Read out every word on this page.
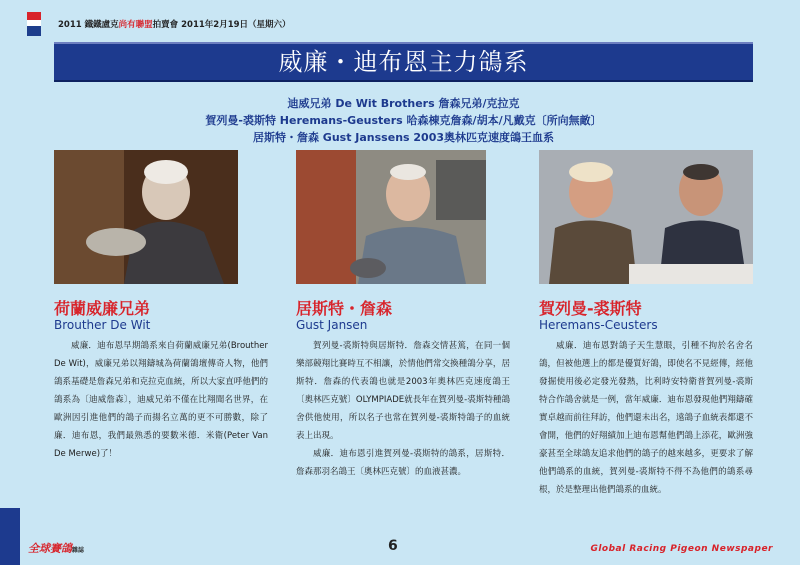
2011 鐵鐵盧克尚有聯盟拍賣會 2011年2月19日（星期六）
威廉・迪布恩主力鴿系
迪威兄弟 De Wit Brothers 詹森兄弟/克拉克
賀列曼-裘斯特 Heremans-Geusters 哈森棟克詹森/胡本/凡戴克〔所向無敵〕
居斯特・詹森 Gust Janssens 2003奧林匹克速度鴿王血系
荷蘭威廉兄弟
Brouther De Wit

威廉．迪布恩早期鴿系來自荷蘭威廉兄弟(Brouther De Wit)，威廉兄弟以翔鑄城為荷蘭鴿壇傳奇人物，他們鴿系基礎是詹森兄弟和克拉克血統，所以大家直呼他們的鴿系為〔迪威詹森〕，迪威兄弟不僅在比翔聞名世界，在歐洲因引進他們的鴿子而揚名立萬的更不可勝數，除了廉．迪布恩，我們最熟悉的要數米德．米衛(Peter Van De Merwe)了！

居斯特・詹森
Gust Jansen

賀列曼-裘斯特與居斯特．詹森交情甚篤，在同一個樂部競翔比賽時互不相讓，於情他們常交換種鴿分享，居斯特．詹森的代表鴿也就是2003年奧林匹克速度鴿王〔奧林匹克號〕OLYMPIADE就長年在賀列曼-裘斯特種鴿舍供他使用，所以名子也常在賀列曼-裘斯特鴿子的血統表上出現。

威廉．迪布恩引進賀列曼-裘斯特的鴿系，居斯特．詹森那羽名鴿王〔奧林匹克號〕的血液甚濃。

賀列曼-裘斯特
Heremans-Ceusters

威廉．迪布恩對鴿子天生慧眼，引種不拘於名舍名鴿，但被他選上的都是優質好鴿，即使名不見經傳，經他發掘使用後必定發光發熱，比利時安特衛普賀列曼-裘斯特合作鴿舍就是一例，當年威廉．迪布恩發現他們翔鑄確實卓越而前往拜訪，他們還未出名，遠鴿子血統表都還不會開，他們的好翔績加上迪布恩幫他們鴿上添花，歐洲強豪甚至全球鴿友追求他們的鴿子的越來越多，更要求了解他們鴿系的血統，賀列曼-裘斯特不得不為他們的鴿系尋根，於是整理出他們鴿系的血統。

全球賽鴿雜誌	6	Global Racing Pigeon Newspaper
